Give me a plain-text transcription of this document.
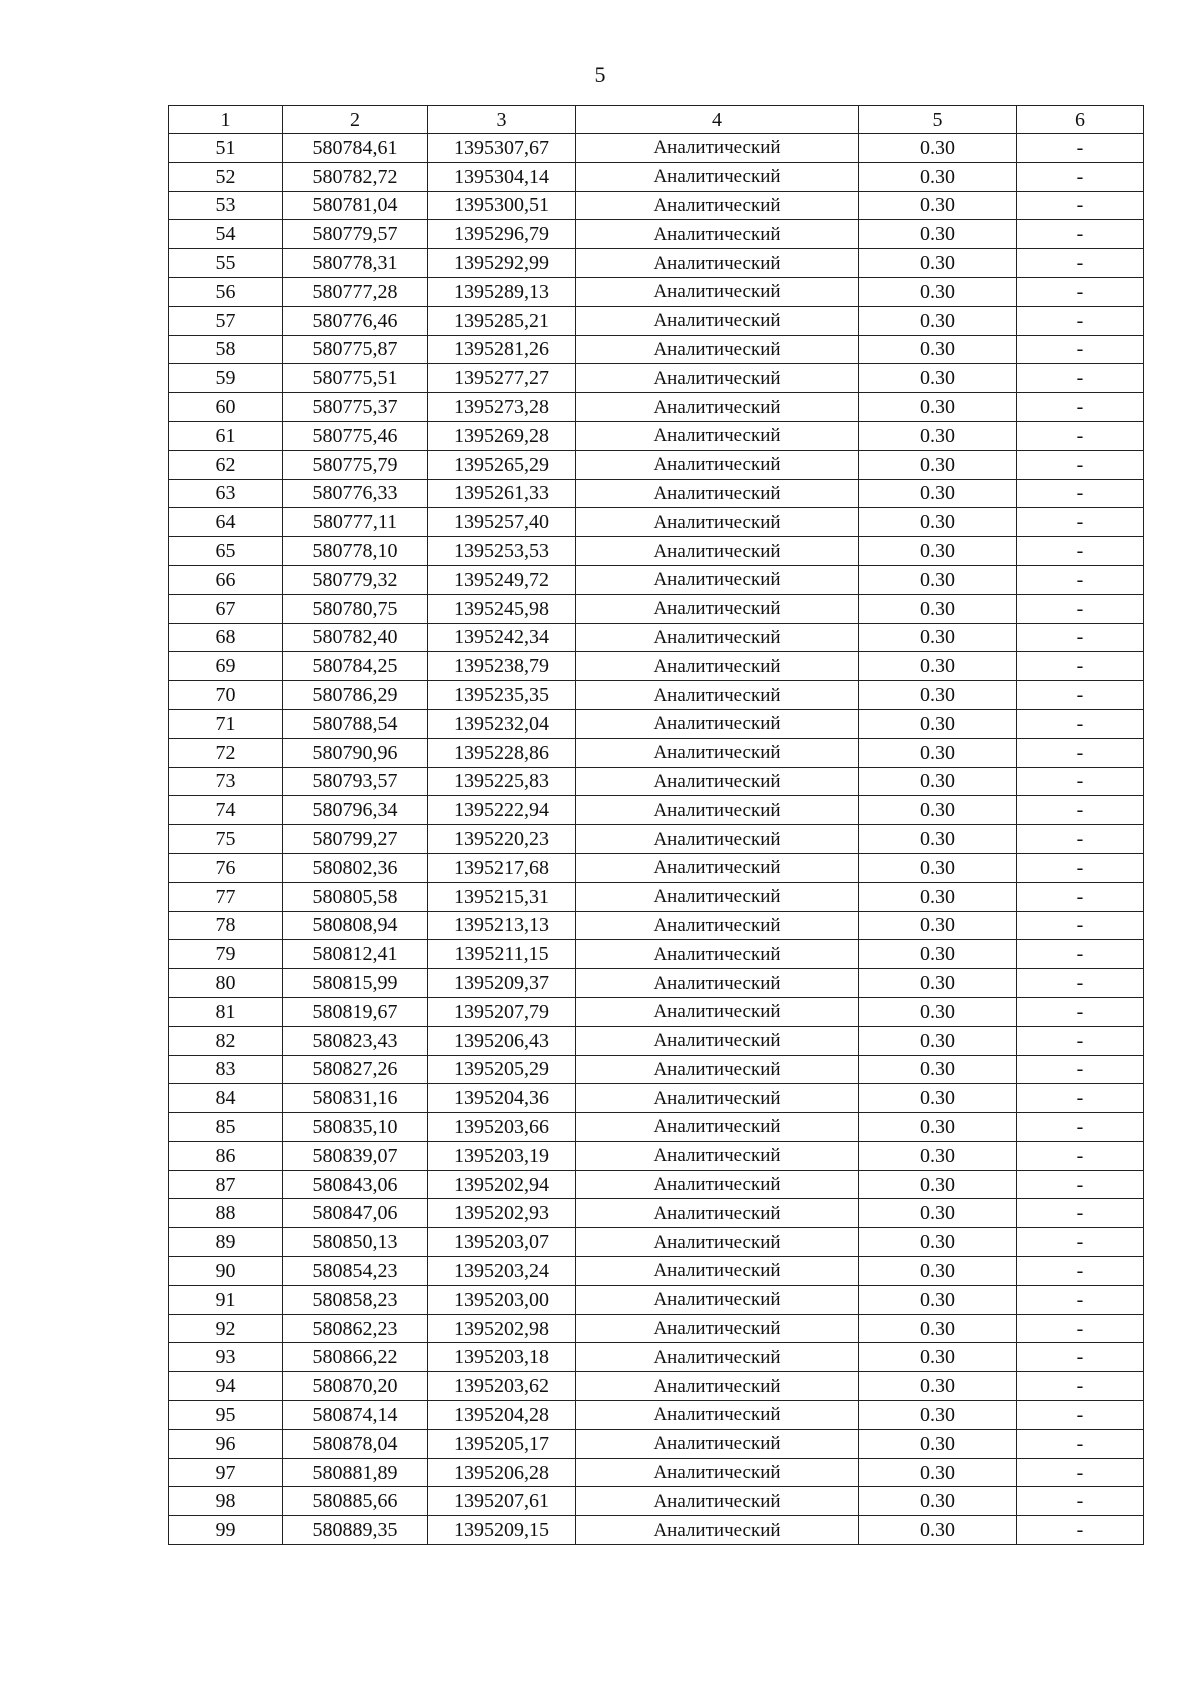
5
1	2	3	4	5	6
51	580784,61	1395307,67	Аналитический	0.30	-
52	580782,72	1395304,14	Аналитический	0.30	-
53	580781,04	1395300,51	Аналитический	0.30	-
54	580779,57	1395296,79	Аналитический	0.30	-
55	580778,31	1395292,99	Аналитический	0.30	-
56	580777,28	1395289,13	Аналитический	0.30	-
57	580776,46	1395285,21	Аналитический	0.30	-
58	580775,87	1395281,26	Аналитический	0.30	-
59	580775,51	1395277,27	Аналитический	0.30	-
60	580775,37	1395273,28	Аналитический	0.30	-
61	580775,46	1395269,28	Аналитический	0.30	-
62	580775,79	1395265,29	Аналитический	0.30	-
63	580776,33	1395261,33	Аналитический	0.30	-
64	580777,11	1395257,40	Аналитический	0.30	-
65	580778,10	1395253,53	Аналитический	0.30	-
66	580779,32	1395249,72	Аналитический	0.30	-
67	580780,75	1395245,98	Аналитический	0.30	-
68	580782,40	1395242,34	Аналитический	0.30	-
69	580784,25	1395238,79	Аналитический	0.30	-
70	580786,29	1395235,35	Аналитический	0.30	-
71	580788,54	1395232,04	Аналитический	0.30	-
72	580790,96	1395228,86	Аналитический	0.30	-
73	580793,57	1395225,83	Аналитический	0.30	-
74	580796,34	1395222,94	Аналитический	0.30	-
75	580799,27	1395220,23	Аналитический	0.30	-
76	580802,36	1395217,68	Аналитический	0.30	-
77	580805,58	1395215,31	Аналитический	0.30	-
78	580808,94	1395213,13	Аналитический	0.30	-
79	580812,41	1395211,15	Аналитический	0.30	-
80	580815,99	1395209,37	Аналитический	0.30	-
81	580819,67	1395207,79	Аналитический	0.30	-
82	580823,43	1395206,43	Аналитический	0.30	-
83	580827,26	1395205,29	Аналитический	0.30	-
84	580831,16	1395204,36	Аналитический	0.30	-
85	580835,10	1395203,66	Аналитический	0.30	-
86	580839,07	1395203,19	Аналитический	0.30	-
87	580843,06	1395202,94	Аналитический	0.30	-
88	580847,06	1395202,93	Аналитический	0.30	-
89	580850,13	1395203,07	Аналитический	0.30	-
90	580854,23	1395203,24	Аналитический	0.30	-
91	580858,23	1395203,00	Аналитический	0.30	-
92	580862,23	1395202,98	Аналитический	0.30	-
93	580866,22	1395203,18	Аналитический	0.30	-
94	580870,20	1395203,62	Аналитический	0.30	-
95	580874,14	1395204,28	Аналитический	0.30	-
96	580878,04	1395205,17	Аналитический	0.30	-
97	580881,89	1395206,28	Аналитический	0.30	-
98	580885,66	1395207,61	Аналитический	0.30	-
99	580889,35	1395209,15	Аналитический	0.30	-
